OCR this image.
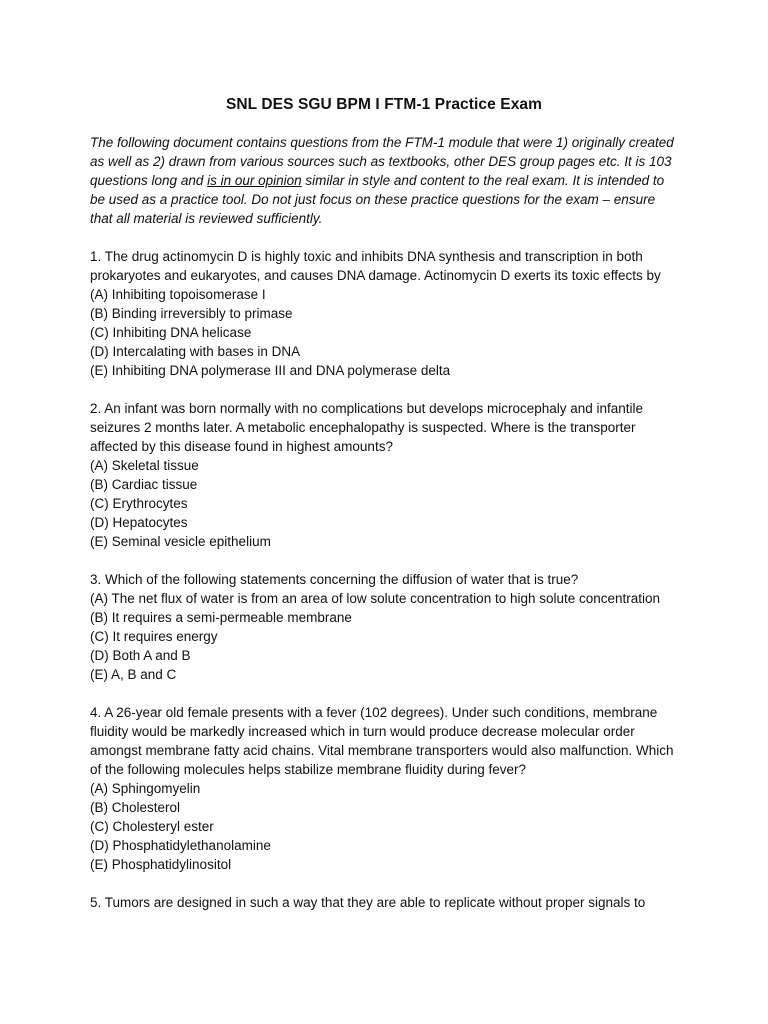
SNL DES SGU BPM I FTM-1 Practice Exam
The following document contains questions from the FTM-1 module that were 1) originally created as well as 2) drawn from various sources such as textbooks, other DES group pages etc. It is 103 questions long and is in our opinion similar in style and content to the real exam. It is intended to be used as a practice tool. Do not just focus on these practice questions for the exam – ensure that all material is reviewed sufficiently.
1. The drug actinomycin D is highly toxic and inhibits DNA synthesis and transcription in both prokaryotes and eukaryotes, and causes DNA damage. Actinomycin D exerts its toxic effects by
(A) Inhibiting topoisomerase I
(B) Binding irreversibly to primase
(C) Inhibiting DNA helicase
(D) Intercalating with bases in DNA
(E) Inhibiting DNA polymerase III and DNA polymerase delta
2. An infant was born normally with no complications but develops microcephaly and infantile seizures 2 months later. A metabolic encephalopathy is suspected. Where is the transporter affected by this disease found in highest amounts?
(A) Skeletal tissue
(B) Cardiac tissue
(C) Erythrocytes
(D) Hepatocytes
(E) Seminal vesicle epithelium
3. Which of the following statements concerning the diffusion of water that is true?
(A) The net flux of water is from an area of low solute concentration to high solute concentration
(B) It requires a semi-permeable membrane
(C) It requires energy
(D) Both A and B
(E) A, B and C
4. A 26-year old female presents with a fever (102 degrees). Under such conditions, membrane fluidity would be markedly increased which in turn would produce decrease molecular order amongst membrane fatty acid chains. Vital membrane transporters would also malfunction. Which of the following molecules helps stabilize membrane fluidity during fever?
(A) Sphingomyelin
(B) Cholesterol
(C) Cholesteryl ester
(D) Phosphatidylethanolamine
(E) Phosphatidylinositol
5. Tumors are designed in such a way that they are able to replicate without proper signals to
